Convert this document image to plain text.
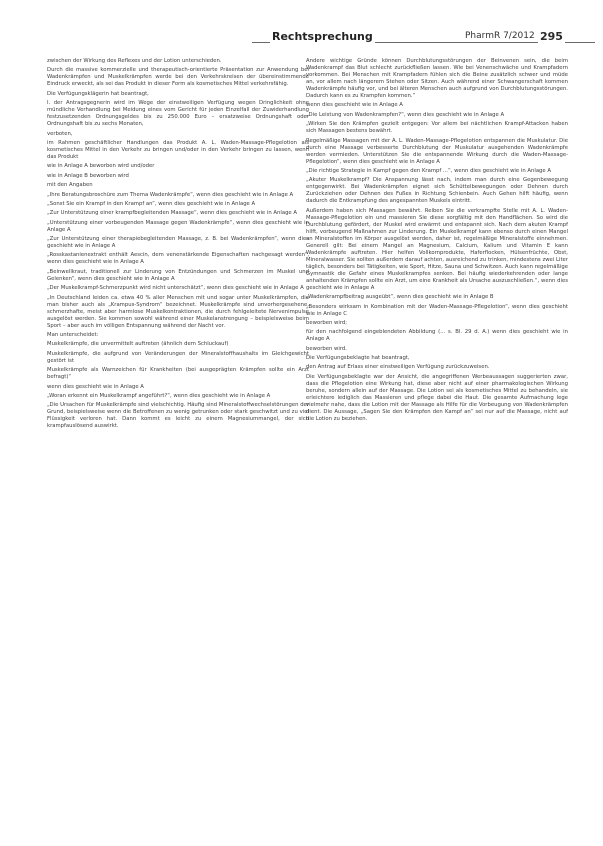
Rechtsprechung	PharmR 7/2012 295

zwischen der Wirkung des Reflexes und der Lotion unterschieden.

Durch die massive kommerzielle und therapeutisch-orientierte Präsentation zur Anwendung bei Wadenkrämpfen und Muskelkrämpfen werde bei den Verkehrskreisen der übereinstimmende Eindruck erweckt, als sei das Produkt in dieser Form als kosmetisches Mittel verkehrsfähig.

Die Verfügungsklägerin hat beantragt,

I. der Antragsgegnerin wird im Wege der einstweiligen Verfügung wegen Dringlichkeit ohne mündliche Verhandlung bei Meidung eines vom Gericht für jeden Einzelfall der Zuwiderhandlung festzusetzenden Ordnungsgeldes bis zu 250.000 Euro – ersatzweise Ordnungshaft oder Ordnungshaft bis zu sechs Monaten,

verboten,

im Rahmen geschäftlicher Handlungen das Produkt A. L. Waden-Massage-Pflegelotion als kosmetisches Mittel in den Verkehr zu bringen und/oder in den Verkehr bringen zu lassen, wenn das Produkt

wie in Anlage A beworben wird und/oder

wie in Anlage B beworben wird

mit den Angaben

„Ihre Beratungsbroschüre zum Thema Wadenkrämpfe“, wenn dies geschieht wie in Anlage A

„Sonst Sie ein Krampf in den Krampf an“, wenn dies geschieht wie in Anlage A

„Zur Unterstützung einer krampfbegleitenden Massage“, wenn dies geschieht wie in Anlage A

„Unterstützung einer vorbeugenden Massage gegen Wadenkrämpfe“, wenn dies geschieht wie in Anlage A

„Zur Unterstützung einer therapiebegleitenden Massage, z. B. bei Wadenkrämpfen“, wenn dies geschieht wie in Anlage A

„Rosskastanienextrakt enthält Aescin, dem venenstärkende Eigenschaften nachgesagt werden“, wenn dies geschieht wie in Anlage A

„Beinwellkraut, traditionell zur Linderung von Entzündungen und Schmerzen im Muskel und Gelenken“, wenn dies geschieht wie in Anlage A

„Der Muskelkrampf-Schmerzpunkt wird nicht unterschätzt“, wenn dies geschieht wie in Anlage A

„In Deutschland leiden ca. etwa 40 % aller Menschen mit und sogar unter Muskelkrämpfen, die man bisher auch als „Krampus-Syndrom“ bezeichnet. Muskelkrämpfe sind unvorhergesehene, schmerzhafte, meist aber harmlose Muskelkontraktionen, die durch fehlgeleitete Nervenimpulse ausgelöst werden. Sie kommen sowohl während einer Muskelanstrengung – beispielsweise beim Sport – aber auch im völligen Entspannung während der Nacht vor.

Man unterscheidet:

Muskelkrämpfe, die unvermittelt auftreten (ähnlich dem Schluckauf)

Muskelkrämpfe, die aufgrund von Veränderungen der Mineralstoffhaushalts im Gleichgewicht gestört ist

Muskelkrämpfe als Warnzeichen für Krankheiten (bei ausgeprägten Krämpfen sollte ein Arzt befragt)“

wenn dies geschieht wie in Anlage A

„Woran erkennt ein Muskelkrampf angeführt?“, wenn dies geschieht wie in Anlage A

„Die Ursachen für Muskelkrämpfe sind vielschichtig. Häufig sind Mineralstoffwechselstörungen der Grund, beispielsweise wenn die Betroffenen zu wenig getrunken oder stark geschwitzt und zu viel Flüssigkeit verloren hat. Dann kommt es leicht zu einem Magnesiummangel, der sich krampfauslösend auswirkt.

Andere wichtige Gründe können Durchblutungsstörungen der Beinvenen sein, die beim Wadenkrampf das Blut schlecht zurückfließen lassen. Wie bei Venenschwäche und Krampfadern vorkommen. Bei Menschen mit Krampfadern fühlen sich die Beine zusätzlich schwer und müde an, vor allem nach längerem Stehen oder Sitzen. Auch während einer Schwangerschaft kommen Wadenkrämpfe häufig vor, und bei älteren Menschen auch aufgrund von Durchblutungsstörungen. Dadurch kann es zu Krampfen kommen.“

wenn dies geschieht wie in Anlage A

„Die Leistung von Wadenkrampfen?“, wenn dies geschieht wie in Anlage A

„Wirken Sie den Krämpfen gezielt entgegen: Vor allem bei nächtlichen Krampf-Attacken haben sich Massagen bestens bewährt.

Regelmäßige Massagen mit der A. L. Waden-Massage-Pflegelotion entspannen die Muskulatur. Die durch eine Massage verbesserte Durchblutung der Muskulatur ausgehenden Wadenkrämpfe werden vermieden. Unterstützen Sie die entspannende Wirkung durch die Waden-Massage-Pflegelotion“, wenn dies geschieht wie in Anlage A

„Die richtige Strategie in Kampf gegen den Krampf ...“, wenn dies geschieht wie in Anlage A

„Akuter Muskelkrampf? Die Anspannung lässt nach, indem man durch eine Gegenbewegung entgegenwirkt. Bei Wadenkrämpfen eignet sich Schüttelbewegungen oder Dehnen durch Zurückziehen oder Dehnen des Fußes in Richtung Schienbein. Auch Gehen hilft häufig, wenn dadurch die Entkrampfung des angespannten Muskels eintritt.

Außerdem haben sich Massagen bewährt. Reiben Sie die verkrampfte Stelle mit A. L. Waden-Massage-Pflegelotion ein und massieren Sie diese sorgfältig mit den Handflächen. So wird die Durchblutung gefördert, der Muskel wird erwärmt und entspannt sich. Nach dem akuten Krampf hilft, vorbeugend Maßnahmen zur Linderung. Ein Muskelkrampf kann ebenso durch einen Mangel an Mineralstoffen im Körper ausgelöst werden, daher ist, regelmäßige Mineralstoffe einnehmen. Generell gilt: Bei einem Mangel an Magnesium, Calcium, Kalium und Vitamin E kann Wadenkrämpfe auftreten. Hier helfen Vollkornprodukte, Haferflocken, Hülsenfrüchte, Obst, Mineralwasser. Sie sollten außerdem darauf achten, ausreichend zu trinken, mindestens zwei Liter täglich, besonders bei Tätigkeiten, wie Sport, Hitze, Sauna und Schwitzen. Auch kann regelmäßige Gymnastik die Gefahr eines Muskelkrampfes senken. Bei häufig wiederkehrenden oder lange anhaltenden Krämpfen sollte ein Arzt, um eine Krankheit als Ursache auszuschließen.“, wenn dies geschieht wie in Anlage A

„Wadenkrampfbeitrag ausgeübt“, wenn dies geschieht wie in Anlage B

„Besonders wirksam in Kombination mit der Waden-Massage-Pflegelotion“, wenn dies geschieht wie in Anlage C

beworben wird;

für den nachfolgend eingeblendeten Abbildung (... s. Bl. 29 d. A.) wenn dies geschieht wie in Anlage A

beworben wird.

Die Verfügungsbeklagte hat beantragt,

den Antrag auf Erlass einer einstweiligen Verfügung zurückzuweisen.

Die Verfügungsbeklagte war der Ansicht, die angegriffenen Werbeaussagen suggerierten zwar, dass die Pflegelotion eine Wirkung hat, diese aber nicht auf einer pharmakologischen Wirkung beruhe, sondern allein auf der Massage. Die Lotion sei als kosmetisches Mittel zu behandeln, sie erleichtere lediglich das Massieren und pflege dabei die Haut. Die gesamte Aufmachung lege vielmehr nahe, dass die Lotion mit der Massage als Hilfe für die Vorbeugung von Wadenkrämpfen dient. Die Aussage, „Sagen Sie den Krämpfen den Kampf an“ sei nur auf die Massage, nicht auf die Lotion zu beziehen.
